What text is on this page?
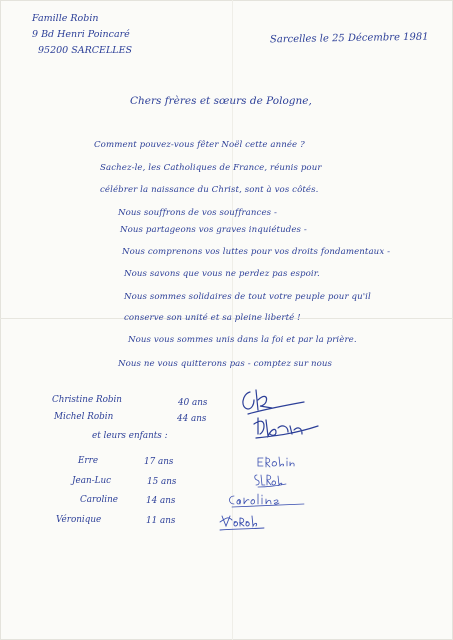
Famille Robin
9 Bd Henri Poincaré
95200 SARCELLES
Sarcelles le 25 Décembre 1981
Chers frères et sœurs de Pologne,
Comment pouvez-vous fêter Noël cette année ?
Sachez-le, les Catholiques de France, réunis pour
célébrer la naissance du Christ, sont à vos côtés.
Nous souffrons de vos souffrances -
Nous partageons vos graves inquiétudes -
Nous comprenons vos luttes pour vos droits fondamentaux -
Nous savons que vous ne perdez pas espoir.
Nous sommes solidaires de tout votre peuple pour qu'il
conserve son unité et sa pleine liberté !
Nous vous sommes unis dans la foi et par la prière.
Nous ne vous quitterons pas - comptez sur nous
Christine Robin	40 ans
Michel Robin	44 ans
et leurs enfants :
Erre	17 ans
Jean-Luc	15 ans
Caroline	14 ans
Véronique	11 ans
